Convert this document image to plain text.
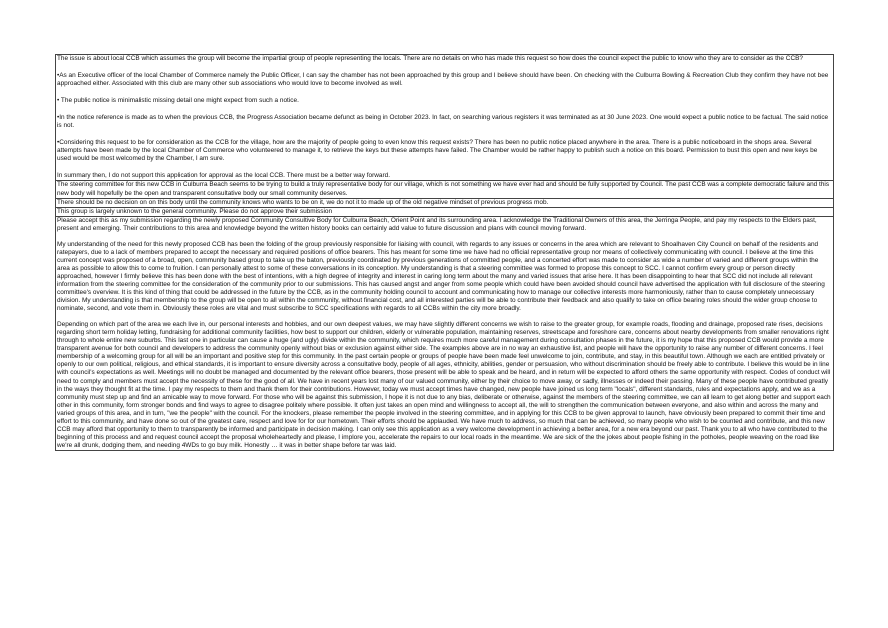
The issue is about local CCB which assumes the group will become the impartial group of people representing the locals. There are no details on who has made this request so how does the council expect the public to know who they are to consider as the CCB?

•As an Executive officer of the local Chamber of Commerce namely the Public Officer, I can say the chamber has not been approached by this group and I believe should have been. On checking with the Culburra Bowling & Recreation Club they confirm they have not bee approached either. Associated with this club are many other sub associations who would love to become involved as well.

• The public notice is minimalistic missing detail one might expect from such a notice.

•In the notice reference is made as to when the previous CCB, the Progress Association became defunct as being in October 2023. In fact, on searching various registers it was terminated as at 30 June 2023. One would expect a public notice to be factual. The said notice is not.

•Considering this request to be for consideration as the CCB for the village, how are the majority of people going to even know this request exists? There has been no public notice placed anywhere in the area. There is a public noticeboard in the shops area. Several attempts have been made by the local Chamber of Commerce who volunteered to manage it, to retrieve the keys but these attempts have failed. The Chamber would be rather happy to publish such a notice on this board. Permission to bust this open and new keys be used would be most welcomed by the Chamber, I am sure.

In summary then, I do not support this application for approval as the local CCB. There must be a better way forward.

The steering committee for this new CCB in Culburra Beach seems to be trying to build a truly representative body for our village, which is not something we have ever had and should be fully supported by Council. The past CCB was a complete democratic failure and this new body will hopefully be the open and transparent consultative body our small community deserves.

There should be no decision on on this body until the community knows who wants to be on it, we do not it to made up of the old negative mindset of previous progress mob.

This group is largely unknown to the general community. Please do not approve their submission

Please accept this as my submission regarding the newly proposed Community Consultive Body for Culburra Beach, Orient Point and its surrounding area. I acknowledge the Traditional Owners of this area, the Jerringa People, and pay my respects to the Elders past, present and emerging. Their contributions to this area and knowledge beyond the written history books can certainly add value to future discussion and plans with council moving forward.

My understanding of the need for this newly proposed CCB has been the folding of the group previously responsible for liaising with council, with regards to any issues or concerns in the area which are relevant to Shoalhaven City Council on behalf of the residents and ratepayers, due to a lack of members prepared to accept the necessary and required positions of office bearers. This has meant for some time we have had no official representative group nor means of collectively communicating with council. I believe at the time this current concept was proposed of a broad, open, community based group to take up the baton, previously coordinated by previous generations of committed people, and a concerted effort was made to consider as wide a number of varied and different groups within the area as possible to allow this to come to fruition. I can personally attest to some of these conversations in its conception. My understanding is that a steering committee was formed to propose this concept to SCC. I cannot confirm every group or person directly approached, however I firmly believe this has been done with the best of intentions, with a high degree of integrity and interest in caring long term about the many and varied issues that arise here. It has been disappointing to hear that SCC did not include all relevant information from the steering committee for the consideration of the community prior to our submissions. This has caused angst and anger from some people which could have been avoided should council have advertised the application with full disclosure of the steering committee's overview. It is this kind of thing that could be addressed in the future by the CCB, as in the community holding council to account and communicating how to manage our collective interests more harmoniously, rather than to cause completely unnecessary division. My understanding is that membership to the group will be open to all within the community, without financial cost, and all interested parties will be able to contribute their feedback and also qualify to take on office bearing roles should the wider group choose to nominate, second, and vote them in. Obviously these roles are vital and must subscribe to SCC specifications with regards to all CCBs within the city more broadly.

Depending on which part of the area we each live in, our personal interests and hobbies, and our own deepest values, we may have slightly different concerns we wish to raise to the greater group, for example roads, flooding and drainage, proposed rate rises, decisions regarding short term holiday letting, fundraising for additional community facilities, how best to support our children, elderly or vulnerable population, maintaining reserves, streetscape and foreshore care, concerns about nearby developments from smaller renovations right through to whole entire new suburbs. This last one in particular can cause a huge (and ugly) divide within the community, which requires much more careful management during consultation phases in the future, it is my hope that this proposed CCB would provide a more transparent avenue for both council and developers to address the community openly without bias or exclusion against either side. The examples above are in no way an exhaustive list, and people will have the opportunity to raise any number of different concerns. I feel membership of a welcoming group for all will be an important and positive step for this community. In the past certain people or groups of people have been made feel unwelcome to join, contribute, and stay, in this beautiful town. Although we each are entitled privately or openly to our own political, religious, and ethical standards, it is important to ensure diversity across a consultative body, people of all ages, ethnicity, abilities, gender or persuasion, who without discrimination should be freely able to contribute. I believe this would be in line with council's expectations as well. Meetings will no doubt be managed and documented by the relevant office bearers, those present will be able to speak and be heard, and in return will be expected to afford others the same opportunity with respect. Codes of conduct will need to comply and members must accept the necessity of these for the good of all. We have in recent years lost many of our valued community, either by their choice to move away, or sadly, illnesses or indeed their passing. Many of these people have contributed greatly in the ways they thought fit at the time. I pay my respects to them and thank them for their contributions. However, today we must accept times have changed, new people have joined us long term "locals", different standards, rules and expectations apply, and we as a community must step up and find an amicable way to move forward. For those who will be against this submission, I hope it is not due to any bias, deliberate or otherwise, against the members of the steering committee, we can all learn to get along better and support each other in this community, form stronger bonds and find ways to agree to disagree politely where possible. It often just takes an open mind and willingness to accept all, the will to strengthen the communication between everyone, and also within and across the many and varied groups of this area, and in turn, "we the people" with the council. For the knockers, please remember the people involved in the steering committee, and in applying for this CCB to be given approval to launch, have obviously been prepared to commit their time and effort to this community, and have done so out of the greatest care, respect and love for for our hometown. Their efforts should be applauded. We have much to address, so much that can be achieved, so many people who wish to be counted and contribute, and this new CCB may afford that opportunity to them to transparently be informed and participate in decision making. I can only see this application as a very welcome development in achieving a better area, for a new era beyond our past. Thank you to all who have contributed to the beginning of this process and and request council accept the proposal wholeheartedly and please, I implore you, accelerate the repairs to our local roads in the meantime. We are sick of the the jokes about people fishing in the potholes, people weaving on the road like we're all drunk, dodging them, and needing 4WDs to go buy milk. Honestly … it was in better shape before tar was laid.
